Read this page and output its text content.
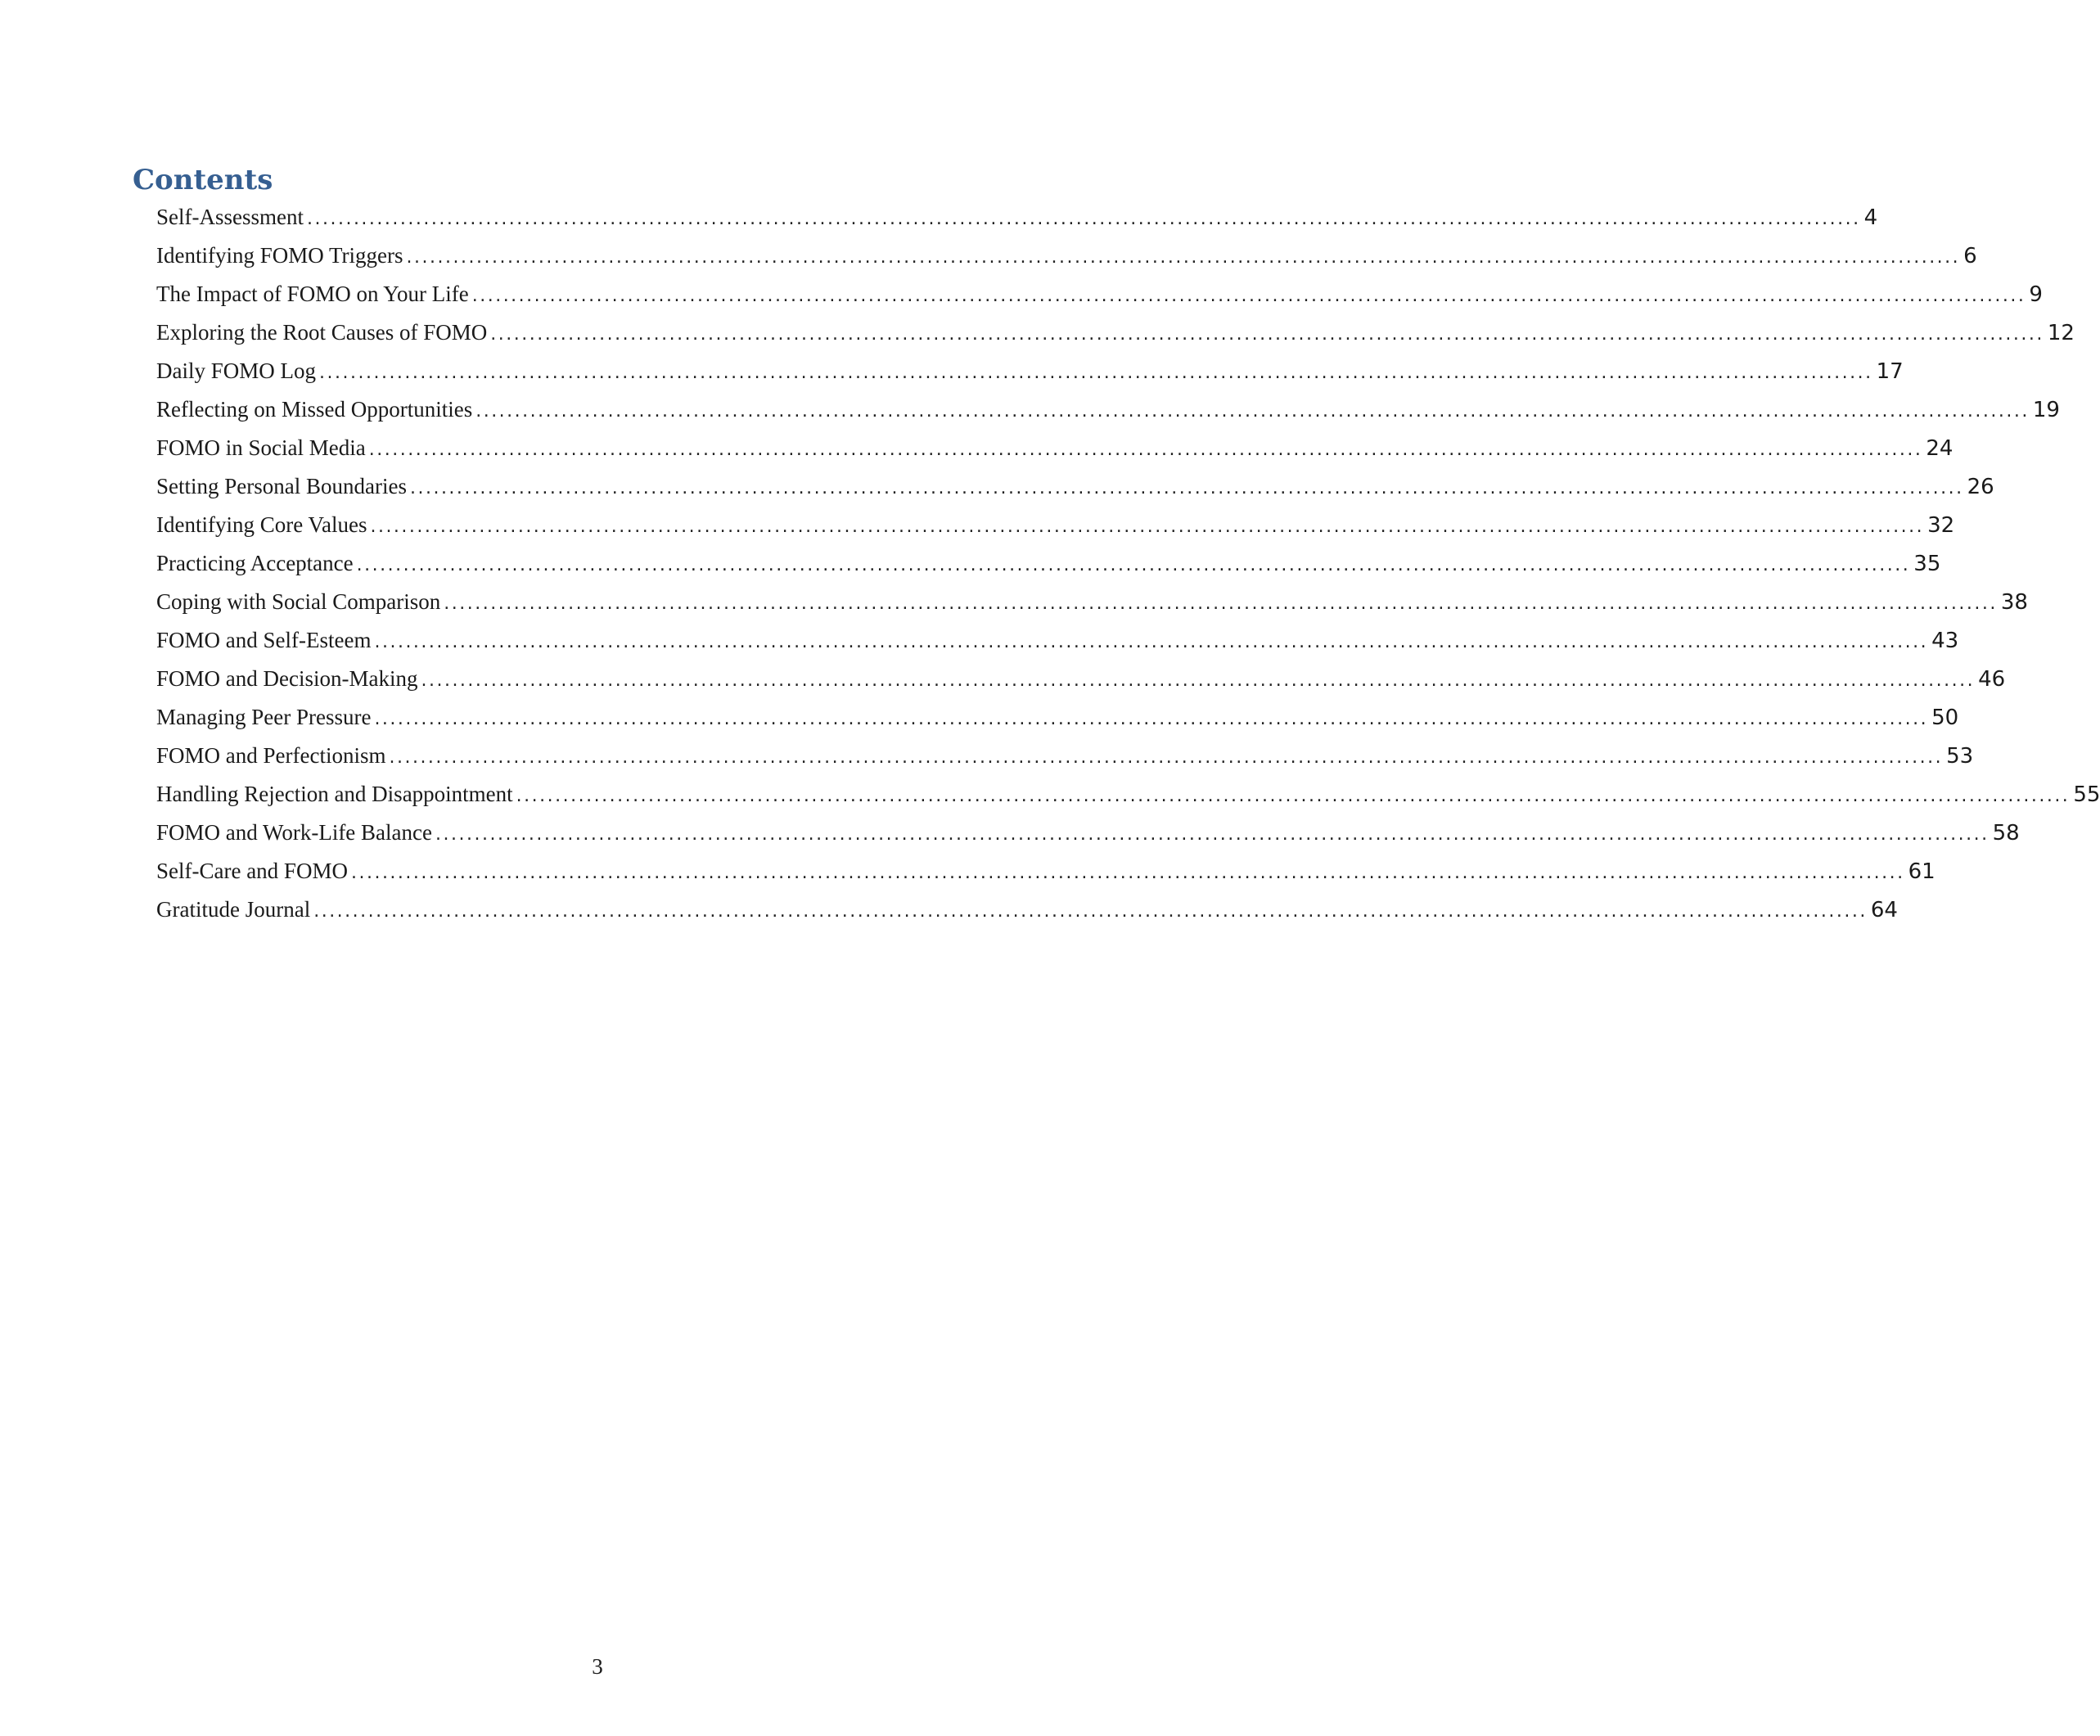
Contents
Self-Assessment ........................................................................................................................................................................................................ 4
Identifying FOMO Triggers ........................................................................................................................................................................................................ 6
The Impact of FOMO on Your Life ........................................................................................................................................................................................................ 9
Exploring the Root Causes of FOMO ........................................................................................................................................................................................................ 12
Daily FOMO Log ........................................................................................................................................................................................................ 17
Reflecting on Missed Opportunities ........................................................................................................................................................................................................ 19
FOMO in Social Media ........................................................................................................................................................................................................ 24
Setting Personal Boundaries ........................................................................................................................................................................................................ 26
Identifying Core Values ........................................................................................................................................................................................................ 32
Practicing Acceptance ........................................................................................................................................................................................................ 35
Coping with Social Comparison ........................................................................................................................................................................................................ 38
FOMO and Self-Esteem ........................................................................................................................................................................................................ 43
FOMO and Decision-Making ........................................................................................................................................................................................................ 46
Managing Peer Pressure ........................................................................................................................................................................................................ 50
FOMO and Perfectionism ........................................................................................................................................................................................................ 53
Handling Rejection and Disappointment ........................................................................................................................................................................................................ 55
FOMO and Work-Life Balance ........................................................................................................................................................................................................ 58
Self-Care and FOMO ........................................................................................................................................................................................................ 61
Gratitude Journal ........................................................................................................................................................................................................ 64
3
